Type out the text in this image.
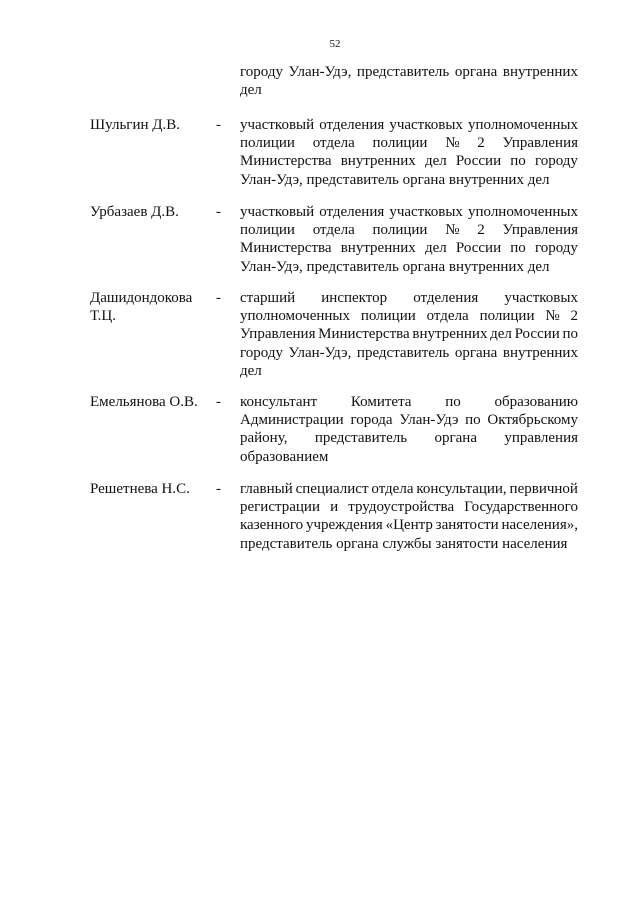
52
городу Улан-Удэ, представитель органа внутренних
дел
Шульгин Д.В. - участковый отделения участковых уполномоченных
полиции отдела полиции № 2 Управления
Министерства внутренних дел России по городу
Улан-Удэ, представитель органа внутренних дел
Урбазаев Д.В. - участковый отделения участковых уполномоченных
полиции отдела полиции № 2 Управления
Министерства внутренних дел России по городу
Улан-Удэ, представитель органа внутренних дел
Дашидондокова
Т.Ц.
- старший инспектор отделения участковых
уполномоченных полиции отдела полиции № 2
Управления Министерства внутренних дел России по
городу Улан-Удэ, представитель органа внутренних
дел
Емельянова О.В. - консультант Комитета по образованию
Администрации города Улан-Удэ по Октябрьскому
району, представитель органа управления
образованием
Решетнева Н.С. - главный специалист отдела консультации, первичной
регистрации и трудоустройства Государственного
казенного учреждения «Центр занятости населения»,
представитель органа службы занятости населения
